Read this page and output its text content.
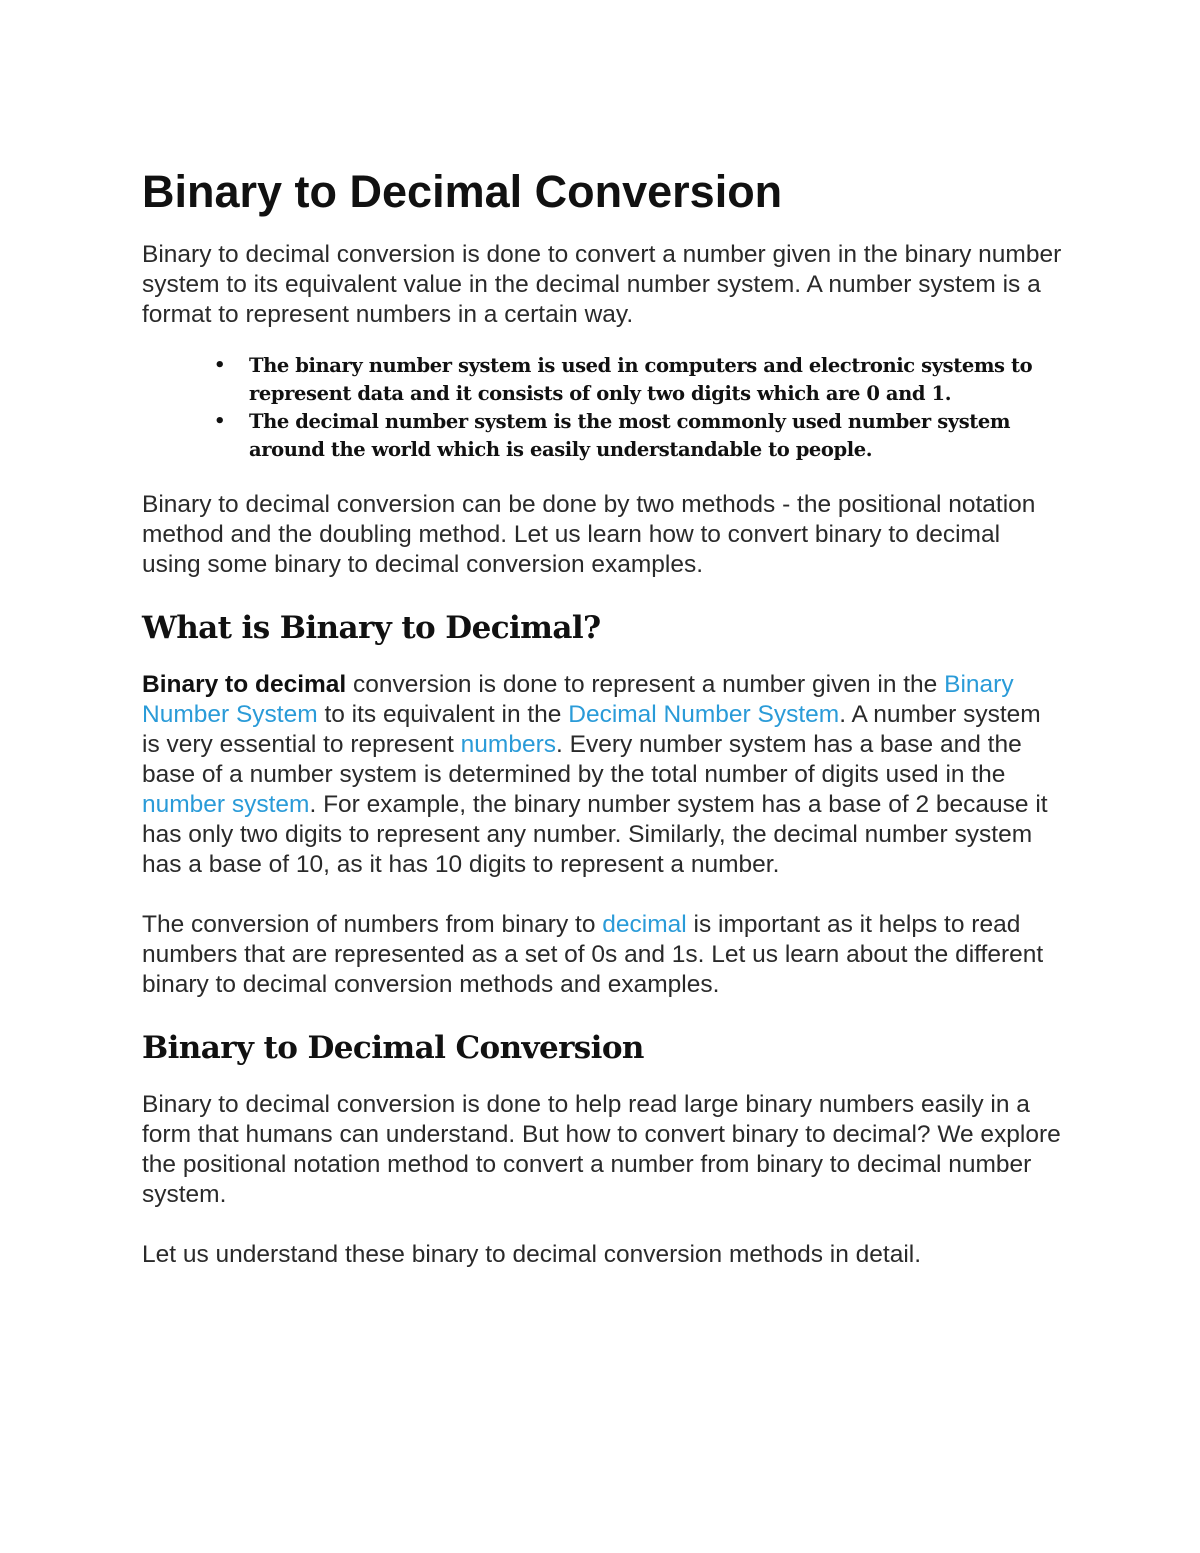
Binary to Decimal Conversion

Binary to decimal conversion is done to convert a number given in the binary number system to its equivalent value in the decimal number system. A number system is a format to represent numbers in a certain way.

• The binary number system is used in computers and electronic systems to represent data and it consists of only two digits which are 0 and 1.
• The decimal number system is the most commonly used number system around the world which is easily understandable to people.

Binary to decimal conversion can be done by two methods - the positional notation method and the doubling method. Let us learn how to convert binary to decimal using some binary to decimal conversion examples.

What is Binary to Decimal?

Binary to decimal conversion is done to represent a number given in the Binary Number System to its equivalent in the Decimal Number System. A number system is very essential to represent numbers. Every number system has a base and the base of a number system is determined by the total number of digits used in the number system. For example, the binary number system has a base of 2 because it has only two digits to represent any number. Similarly, the decimal number system has a base of 10, as it has 10 digits to represent a number.

The conversion of numbers from binary to decimal is important as it helps to read numbers that are represented as a set of 0s and 1s. Let us learn about the different binary to decimal conversion methods and examples.

Binary to Decimal Conversion

Binary to decimal conversion is done to help read large binary numbers easily in a form that humans can understand. But how to convert binary to decimal? We explore the positional notation method to convert a number from binary to decimal number system.

Let us understand these binary to decimal conversion methods in detail.
